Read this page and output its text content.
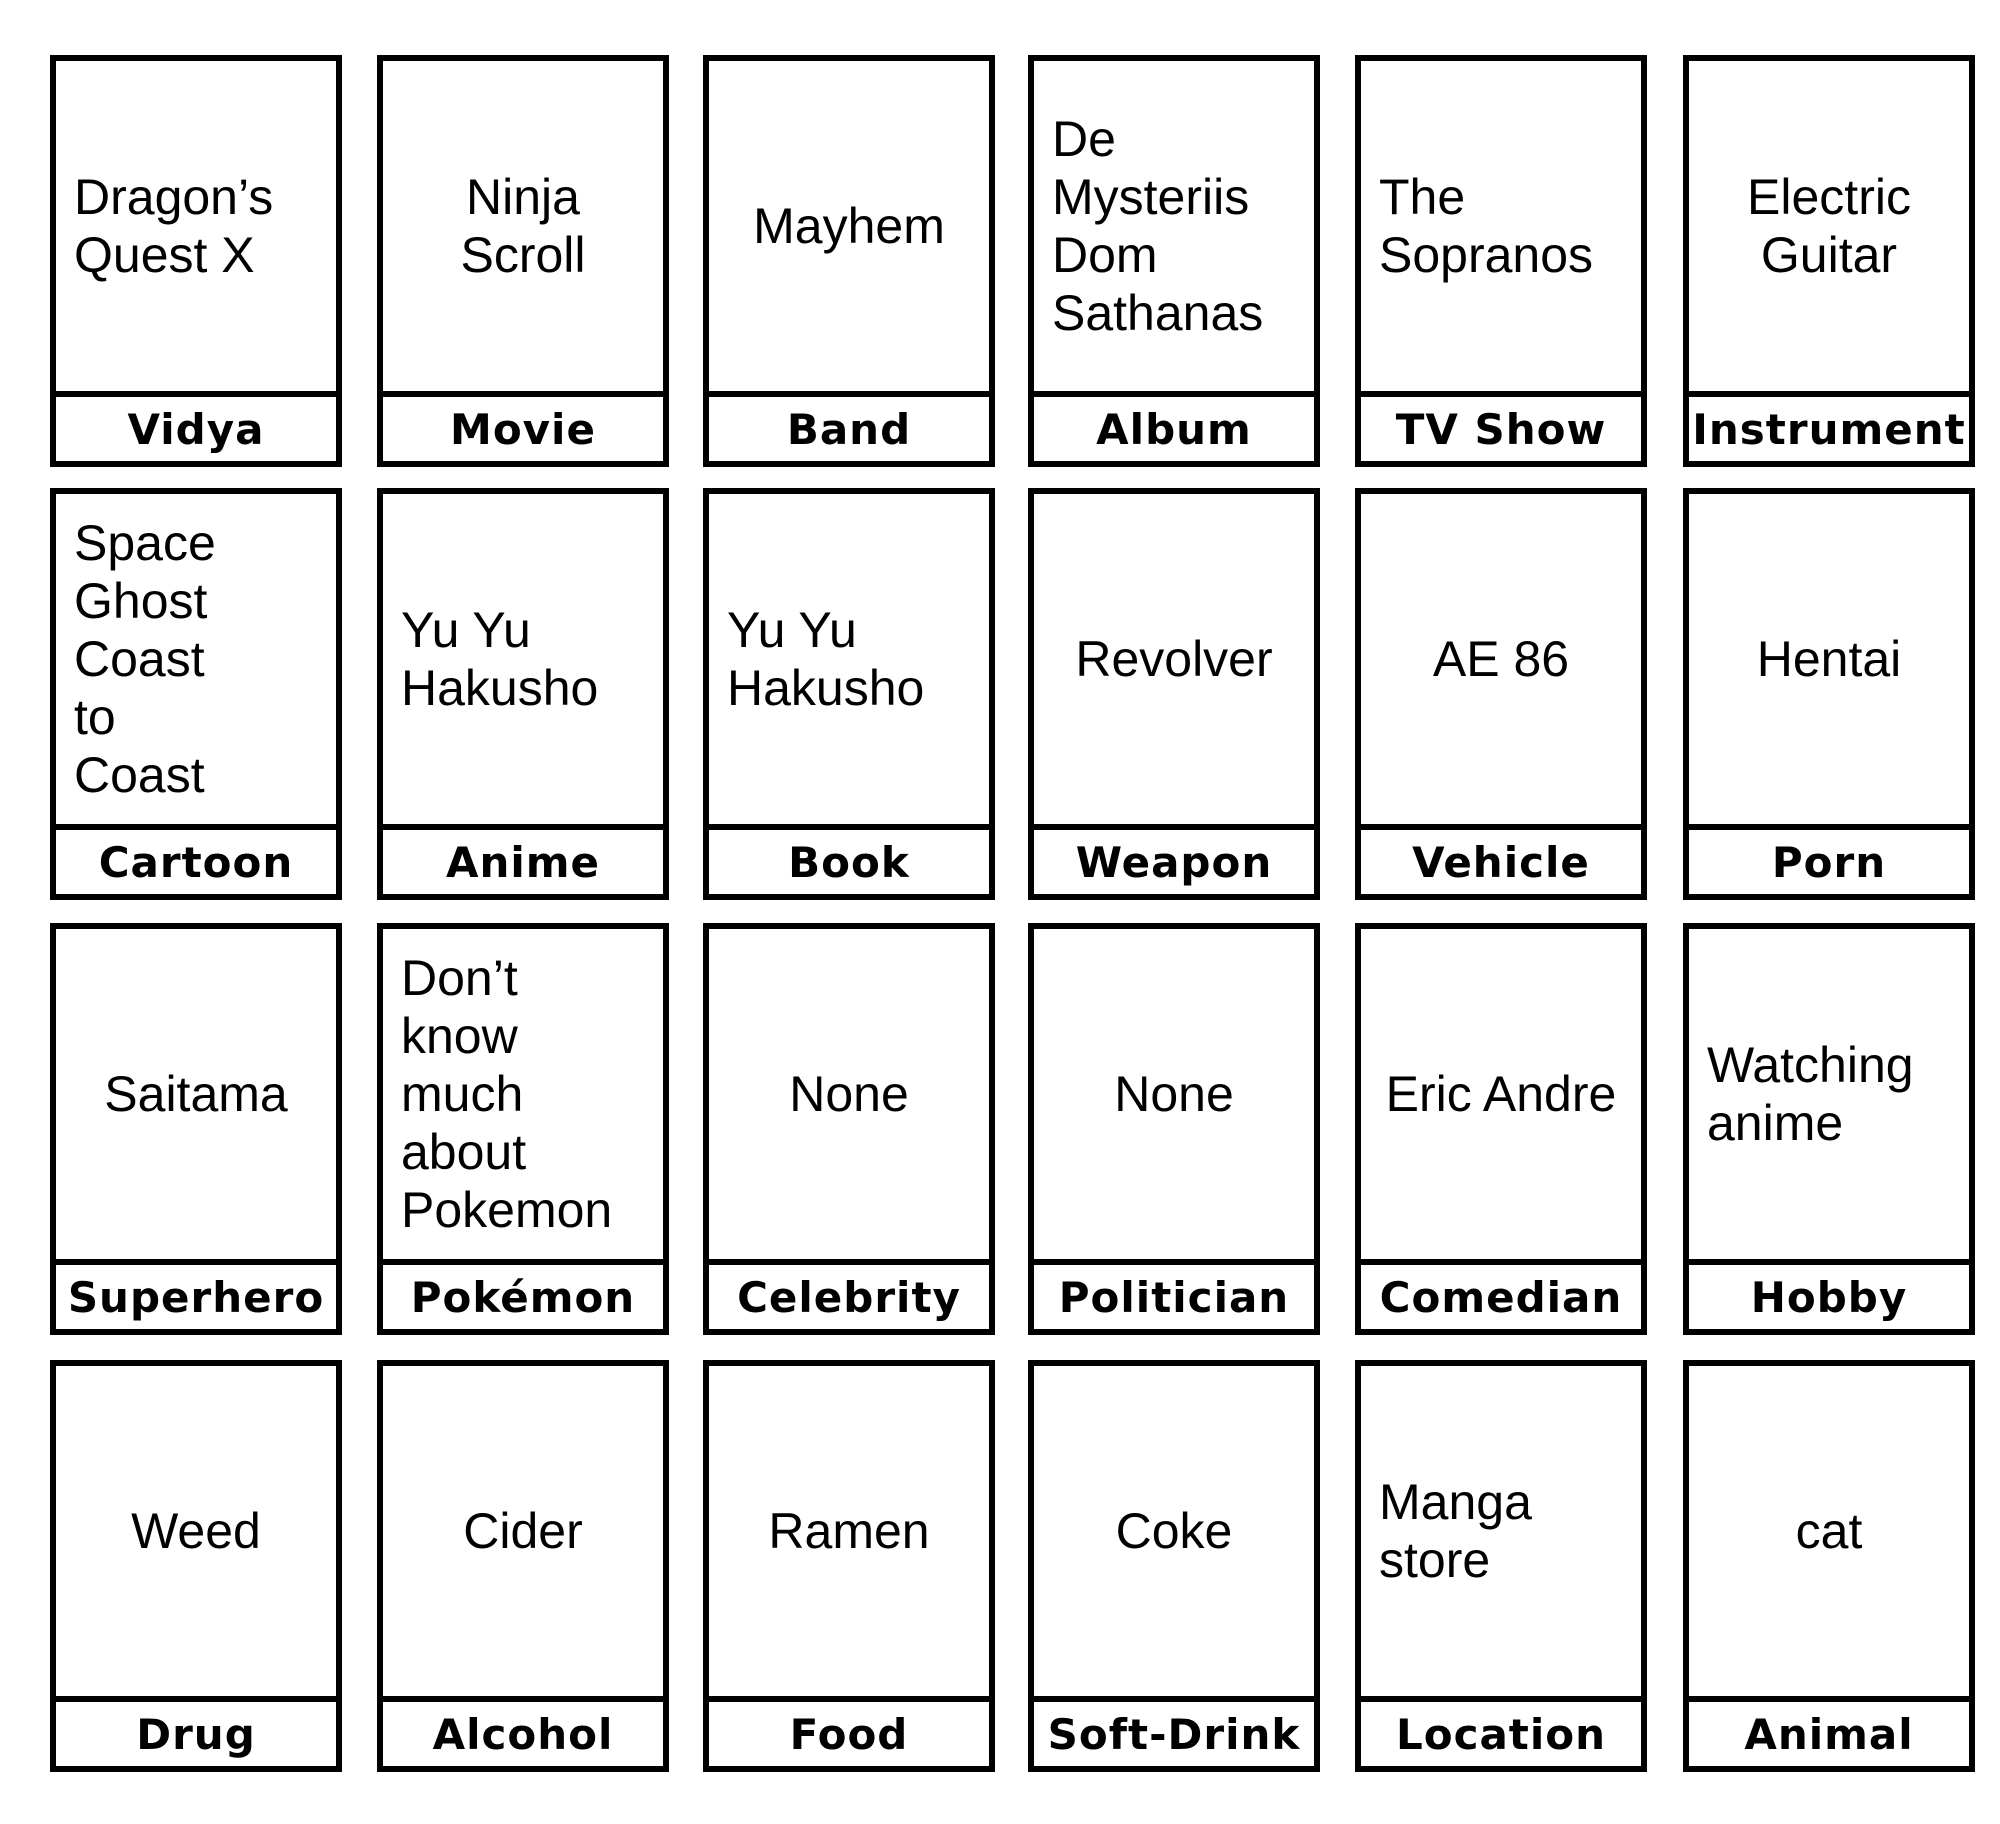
Dragon’s
Quest X
Vidya
Ninja Scroll
Movie
Mayhem
Band
De Mysteriis
Dom
Sathanas
Album
The
Sopranos
TV Show
Electric
Guitar
Instrument
Space
Ghost
Coast
to
Coast
Cartoon
Yu Yu
Hakusho
Anime
Yu Yu
Hakusho
Book
Revolver
Weapon
AE 86
Vehicle
Hentai
Porn
Saitama
Superhero
Don’t know
much about
Pokemon
Pokémon
None
Celebrity
None
Politician
Eric Andre
Comedian
Watching
anime
Hobby
Weed
Drug
Cider
Alcohol
Ramen
Food
Coke
Soft-Drink
Manga
store
Location
cat
Animal
